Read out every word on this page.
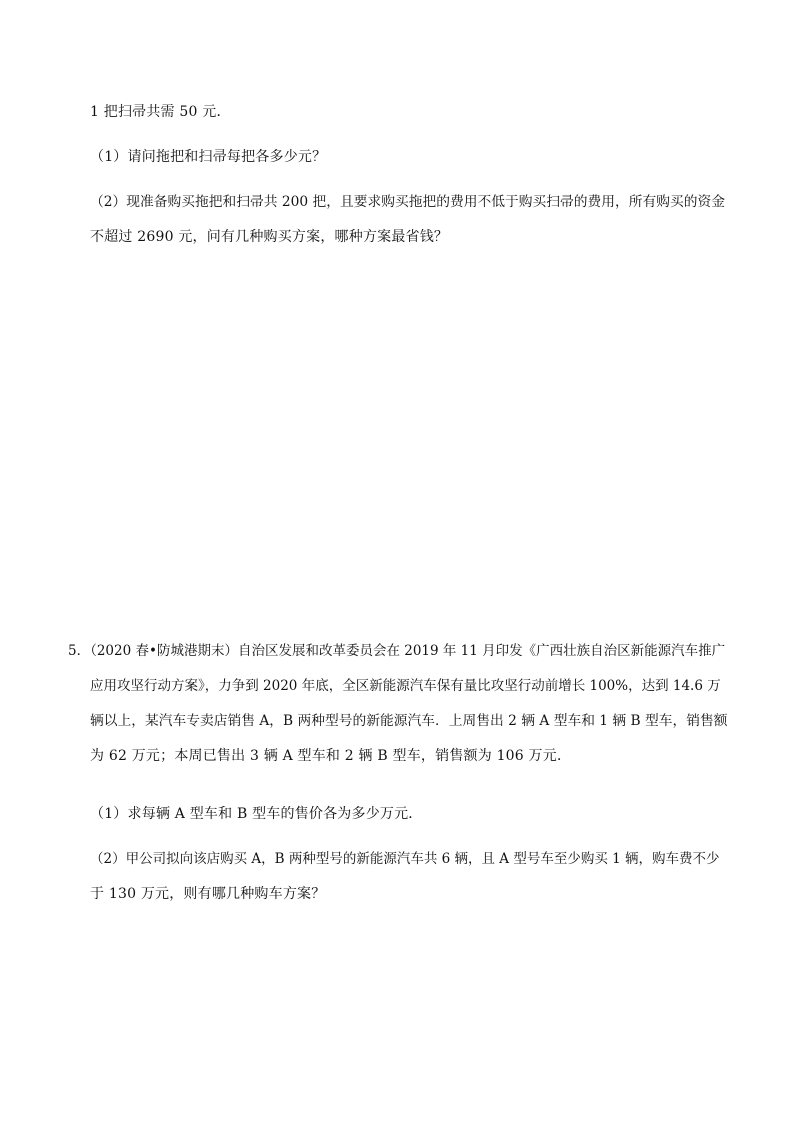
1 把扫帚共需 50 元．
（1）请问拖把和扫帚每把各多少元？
（2）现准备购买拖把和扫帚共 200 把，且要求购买拖把的费用不低于购买扫帚的费用，所有购买的资金
不超过 2690 元，问有几种购买方案，哪种方案最省钱？
5．（2020 春•防城港期末）自治区发展和改革委员会在 2019 年 11 月印发《广西壮族自治区新能源汽车推广
应用攻坚行动方案》，力争到 2020 年底，全区新能源汽车保有量比攻坚行动前增长 100%，达到 14.6 万
辆以上，某汽车专卖店销售 A，B 两种型号的新能源汽车．上周售出 2 辆 A 型车和 1 辆 B 型车，销售额
为 62 万元；本周已售出 3 辆 A 型车和 2 辆 B 型车，销售额为 106 万元．
（1）求每辆 A 型车和 B 型车的售价各为多少万元．
（2）甲公司拟向该店购买 A，B 两种型号的新能源汽车共 6 辆，且 A 型号车至少购买 1 辆，购车费不少
于 130 万元，则有哪几种购车方案？
